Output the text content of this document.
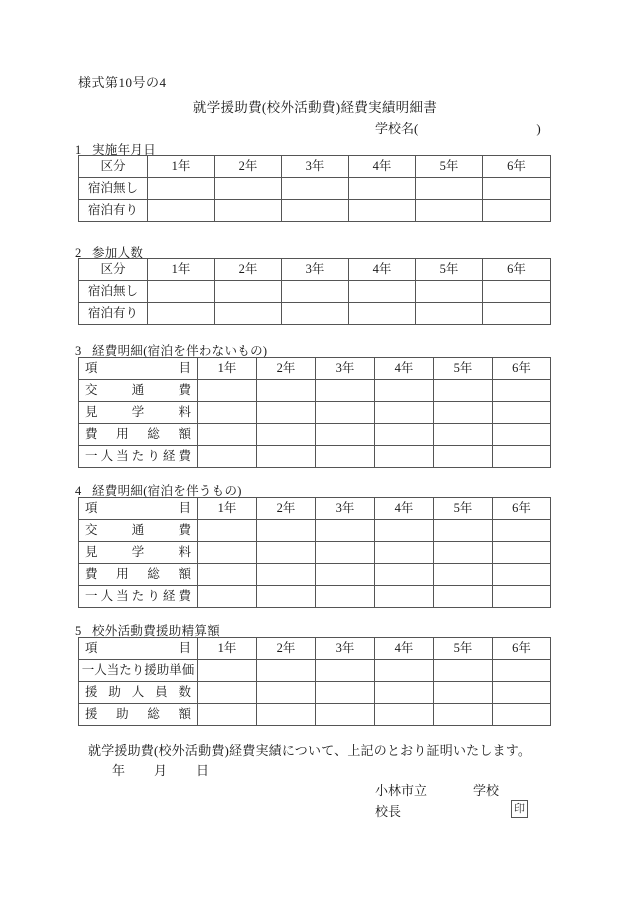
様式第10号の4
就学援助費(校外活動費)経費実績明細書
学校名(	)
1 実施年月日
区分	1年	2年	3年	4年	5年	6年
宿泊無し						
宿泊有り						
2 参加人数
区分	1年	2年	3年	4年	5年	6年
宿泊無し						
宿泊有り						
3 経費明細(宿泊を伴わないもの)
項 目	1年	2年	3年	4年	5年	6年

交 通 費						

見 学 料						

費 用 総 額						

一 人 当 た り 経 費

4 経費明細(宿泊を伴うもの)
項 目	1年	2年	3年	4年	5年	6年

交 通 費						

見 学 料						

費 用 総 額						

一 人 当 た り 経 費

5 校外活動費援助精算額
項 目	1年	2年	3年	4年	5年	6年

一人当たり援助単価						

援 助 人 員 数						

援 助 総 額						

就学援助費(校外活動費)経費実績について、上記のとおり証明いたします。
年 月 日
小林市立	学校
校長	印
